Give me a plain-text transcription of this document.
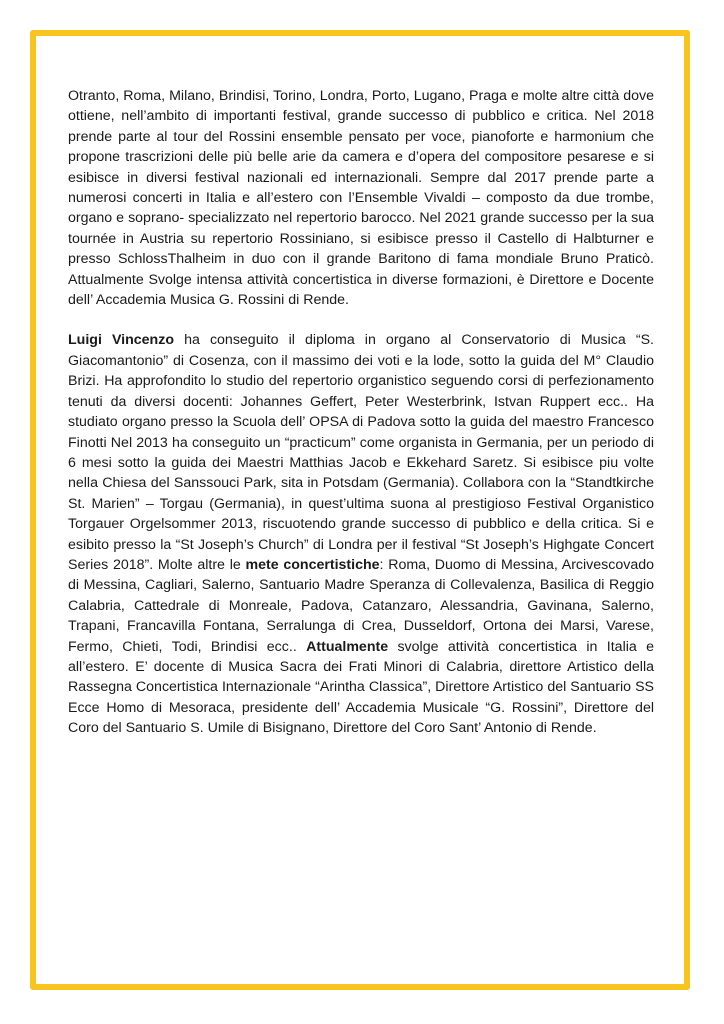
Otranto, Roma, Milano, Brindisi, Torino, Londra, Porto, Lugano, Praga e molte altre città dove ottiene, nell’ambito di importanti festival, grande successo di pubblico e critica. Nel 2018 prende parte al tour del Rossini ensemble pensato per voce, pianoforte e harmonium che propone trascrizioni delle più belle arie da camera e d’opera del compositore pesarese e si esibisce in diversi festival nazionali ed internazionali. Sempre dal 2017 prende parte a numerosi concerti in Italia e all’estero con l’Ensemble Vivaldi – composto da due trombe, organo e soprano- specializzato nel repertorio barocco. Nel 2021 grande successo per la sua tournée in Austria su repertorio Rossiniano, si esibisce presso il Castello di Halbturner e presso SchlossThalheim in duo con il grande Baritono di fama mondiale Bruno Praticò. Attualmente Svolge intensa attività concertistica in diverse formazioni, è Direttore e Docente dell’ Accademia Musica G. Rossini di Rende.

Luigi Vincenzo ha conseguito il diploma in organo al Conservatorio di Musica “S. Giacomantonio” di Cosenza, con il massimo dei voti e la lode, sotto la guida del M° Claudio Brizi. Ha approfondito lo studio del repertorio organistico seguendo corsi di perfezionamento tenuti da diversi docenti: Johannes Geffert, Peter Westerbrink, Istvan Ruppert ecc.. Ha studiato organo presso la Scuola dell’ OPSA di Padova sotto la guida del maestro Francesco Finotti Nel 2013 ha conseguito un “practicum” come organista in Germania, per un periodo di 6 mesi sotto la guida dei Maestri Matthias Jacob e Ekkehard Saretz. Si esibisce piu volte nella Chiesa del Sanssouci Park, sita in Potsdam (Germania). Collabora con la “Standtkirche St. Marien” – Torgau (Germania), in quest’ultima suona al prestigioso Festival Organistico Torgauer Orgelsommer 2013, riscuotendo grande successo di pubblico e della critica. Si e esibito presso la “St Joseph’s Church” di Londra per il festival “St Joseph’s Highgate Concert Series 2018”. Molte altre le mete concertistiche: Roma, Duomo di Messina, Arcivescovado di Messina, Cagliari, Salerno, Santuario Madre Speranza di Collevalenza, Basilica di Reggio Calabria, Cattedrale di Monreale, Padova, Catanzaro, Alessandria, Gavinana, Salerno, Trapani, Francavilla Fontana, Serralunga di Crea, Dusseldorf, Ortona dei Marsi, Varese, Fermo, Chieti, Todi, Brindisi ecc.. Attualmente svolge attività concertistica in Italia e all’estero. E’ docente di Musica Sacra dei Frati Minori di Calabria, direttore Artistico della Rassegna Concertistica Internazionale “Arintha Classica”, Direttore Artistico del Santuario SS Ecce Homo di Mesoraca, presidente dell’ Accademia Musicale “G. Rossini”, Direttore del Coro del Santuario S. Umile di Bisignano, Direttore del Coro Sant’ Antonio di Rende.
